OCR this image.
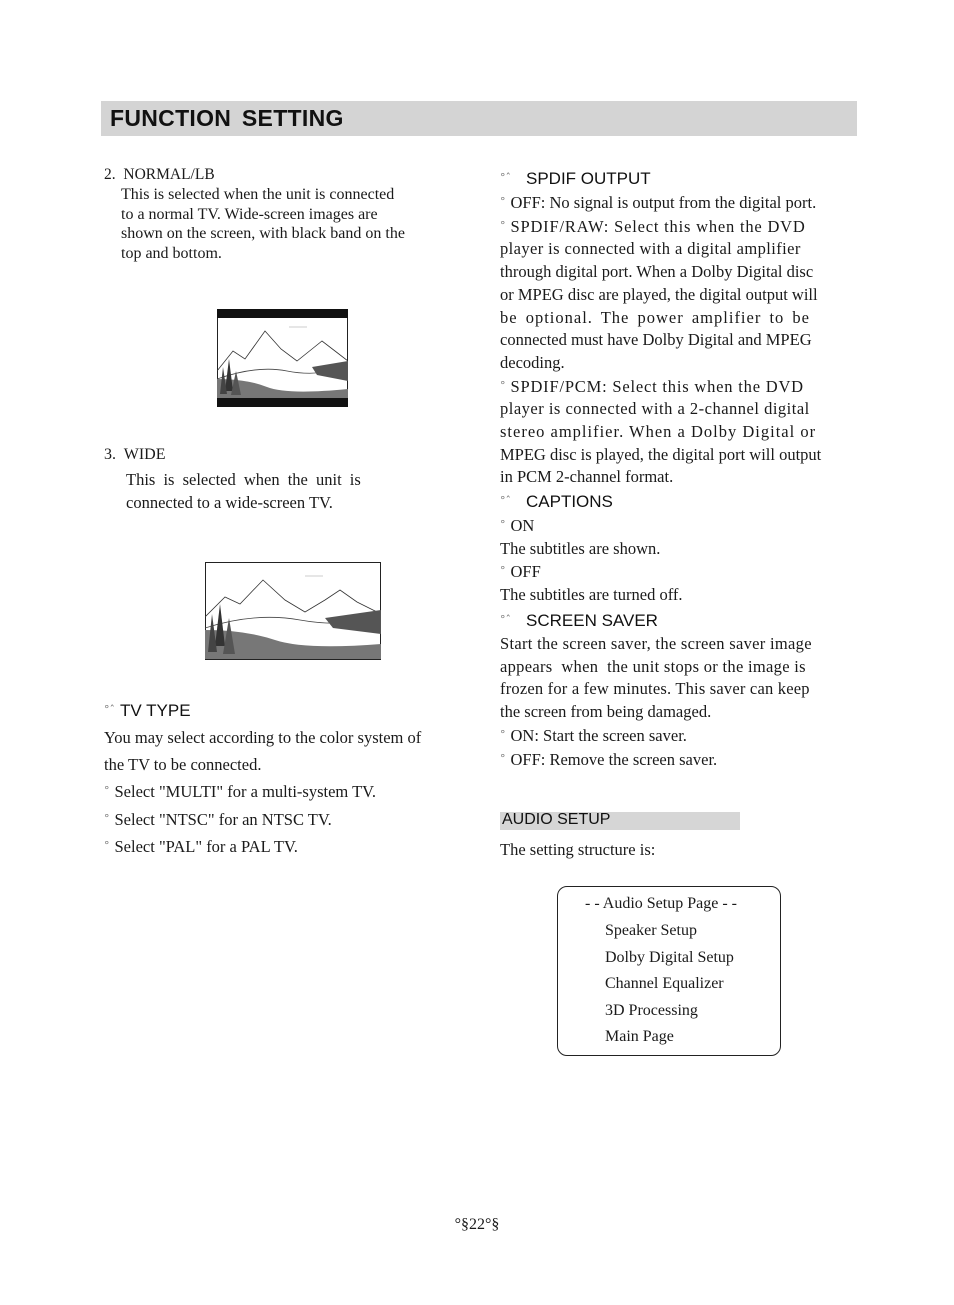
FUNCTION SETTING
2.  NORMAL/LB
This is selected when the unit is connected
to a normal TV. Wide-screen images are
shown on the screen, with black band on the
top and bottom.
3.  WIDE
This is selected when the unit is
connected to a wide-screen TV.
°ˆ TV TYPE
You may select according to the color system of
the TV to be connected.
° Select "MULTI" for a multi-system TV.
° Select "NTSC" for an NTSC TV.
° Select "PAL" for a PAL TV.
°ˆ SPDIF OUTPUT
° OFF: No signal is output from the digital port.
° SPDIF/RAW: Select this when the DVD
player is connected with a digital amplifier
through digital port. When a Dolby Digital disc
or MPEG disc are played, the digital output will
be optional. The power amplifier to be
connected must have Dolby Digital and MPEG
decoding.
° SPDIF/PCM: Select this when the DVD
player is connected with a 2-channel digital
stereo amplifier. When a Dolby Digital or
MPEG disc is played, the digital port will output
in PCM 2-channel format.
°ˆ CAPTIONS
° ON
The subtitles are shown.
° OFF
The subtitles are turned off.
°ˆ SCREEN SAVER
Start the screen saver, the screen saver image
appears  when  the unit stops or the image is
frozen for a few minutes. This saver can keep
the screen from being damaged.
° ON: Start the screen saver.
° OFF: Remove the screen saver.
AUDIO SETUP
The setting structure is:
- - Audio Setup Page - -
Speaker Setup
Dolby Digital Setup
Channel Equalizer
3D Processing
Main Page
°§22°§
